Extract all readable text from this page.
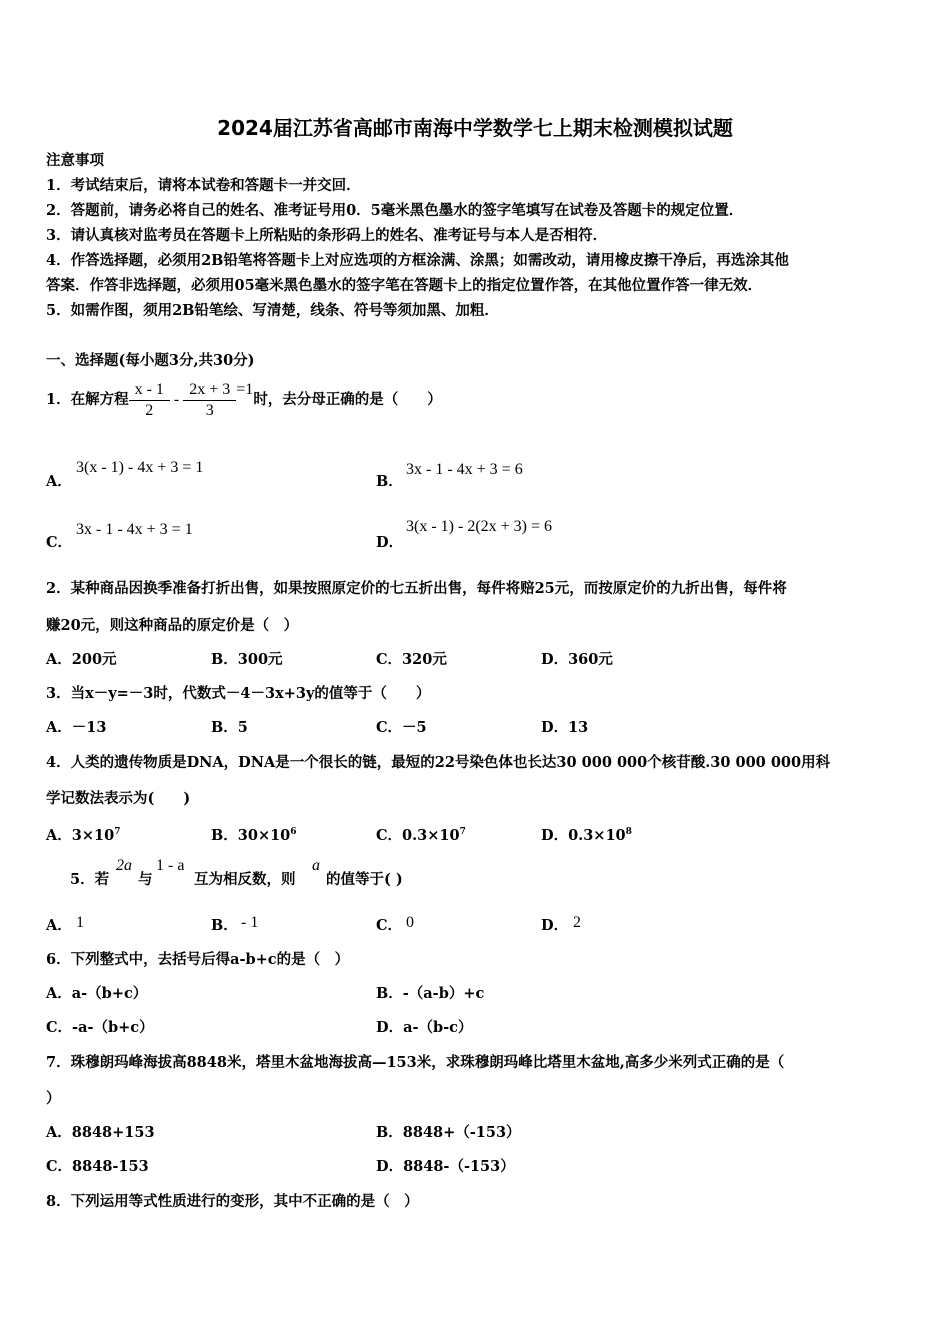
2024届江苏省高邮市南海中学数学七上期末检测模拟试题
注意事项
1．考试结束后，请将本试卷和答题卡一并交回．
2．答题前，请务必将自己的姓名、准考证号用0．5毫米黑色墨水的签字笔填写在试卷及答题卡的规定位置．
3．请认真核对监考员在答题卡上所粘贴的条形码上的姓名、准考证号与本人是否相符．
4．作答选择题，必须用2B铅笔将答题卡上对应选项的方框涂满、涂黑；如需改动，请用橡皮擦干净后，再选涂其他
答案．作答非选择题，必须用05毫米黑色墨水的签字笔在答题卡上的指定位置作答，在其他位置作答一律无效．
5．如需作图，须用2B铅笔绘、写清楚，线条、符号等须加黑、加粗．
一、选择题(每小题3分,共30分)
1．在解方程 $\frac{x - 1}{2} - \frac{2x + 3}{3} =1$
时，去分母正确的是（　　）
A．
3(x - 1) - 4x + 3 = 1
B．
3x - 1 - 4x + 3 = 6
C．
3x - 1 - 4x + 3 = 1
D．
3(x - 1) - 2(2x + 3) = 6
2．某种商品因换季准备打折出售，如果按照原定价的七五折出售，每件将赔25元，而按原定价的九折出售，每件将
赚20元，则这种商品的原定价是（　）
A．200元	B．300元	C．320元	D．360元
3．当x－y=－3时，代数式－4－3x+3y的值等于（　　）
A．－13	B．5	C．－5	D．13
4．人类的遗传物质是DNA，DNA是一个很长的链，最短的22号染色体也长达30 000 000个核苷酸.30 000 000用科
学记数法表示为(　　)
A．$3\times 10^7$	B．$30\times 10^6$	C．$0.3\times 10^7$	D．$0.3\times 10^8$
5．若
2a
与
1 - a
互为相反数，则
a
的值等于( )
A． 1	B． - 1	C． 0	D． 2
6．下列整式中，去括号后得a-b+c的是（　）
A．a-（b+c）	B．-（a-b）+c
C．-a-（b+c）	D．a-（b-c）
7．珠穆朗玛峰海拔高8848米，塔里木盆地海拔高—153米，求珠穆朗玛峰比塔里木盆地,高多少米列式正确的是（
）
A．8848+153	B．8848+（-153）
C．8848-153	D．8848-（-153）
8．下列运用等式性质进行的变形，其中不正确的是（　）
